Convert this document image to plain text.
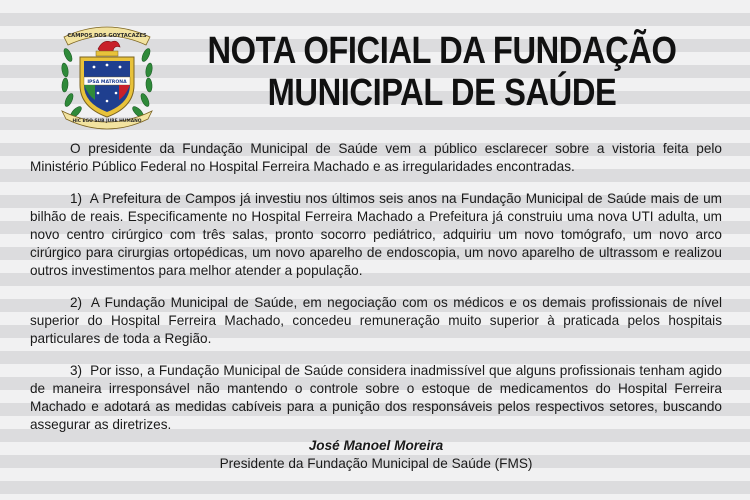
CAMPOS DOS GOYTACAZES
IPSA MATRONA
HIC EGO SUB JURE HUMANO
NOTA OFICIAL DA FUNDAÇÃO
MUNICIPAL DE SAÚDE

O presidente da Fundação Municipal de Saúde vem a público esclarecer sobre a vistoria feita pelo Ministério Público Federal no Hospital Ferreira Machado e as irregularidades encontradas.

1) A Prefeitura de Campos já investiu nos últimos seis anos na Fundação Municipal de Saúde mais de um bilhão de reais. Especificamente no Hospital Ferreira Machado a Prefeitura já construiu uma nova UTI adulta, um novo centro cirúrgico com três salas, pronto socorro pediátrico, adquiriu um novo tomógrafo, um novo arco cirúrgico para cirurgias ortopédicas, um novo aparelho de endoscopia, um novo aparelho de ultrassom e realizou outros investimentos para melhor atender a população.

2) A Fundação Municipal de Saúde, em negociação com os médicos e os demais profissionais de nível superior do Hospital Ferreira Machado, concedeu remuneração muito superior à praticada pelos hospitais particulares de toda a Região.

3) Por isso, a Fundação Municipal de Saúde considera inadmissível que alguns profissionais tenham agido de maneira irresponsável não mantendo o controle sobre o estoque de medicamentos do Hospital Ferreira Machado e adotará as medidas cabíveis para a punição dos responsáveis pelos respectivos setores, buscando assegurar as diretrizes.

José Manoel Moreira
Presidente da Fundação Municipal de Saúde (FMS)
